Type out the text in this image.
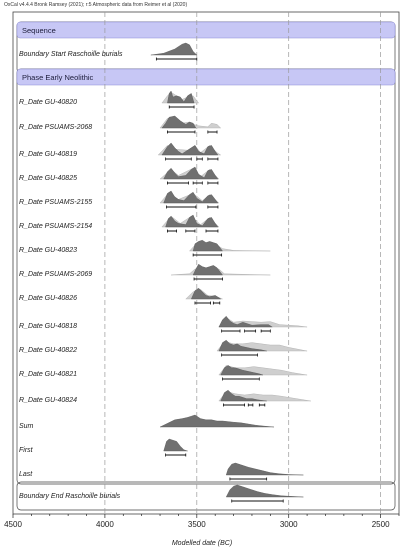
OxCal v4.4.4 Bronk Ramsey (2021); r:5 Atmospheric data from Reimer et al (2020)
Sequence
Phase Early Neolithic
Boundary Start Raschoille burials
R_Date GU-40820
R_Date PSUAMS-2068
R_Date GU-40819
R_Date GU-40825
R_Date PSUAMS-2155
R_Date PSUAMS-2154
R_Date GU-40823
R_Date PSUAMS-2069
R_Date GU-40826
R_Date GU-40818
R_Date GU-40822
R_Date GU-40821
R_Date GU-40824
Sum
First
Last
Boundary End Raschoille burials
4500	4000	3500	3000	2500
Modelled date (BC)
